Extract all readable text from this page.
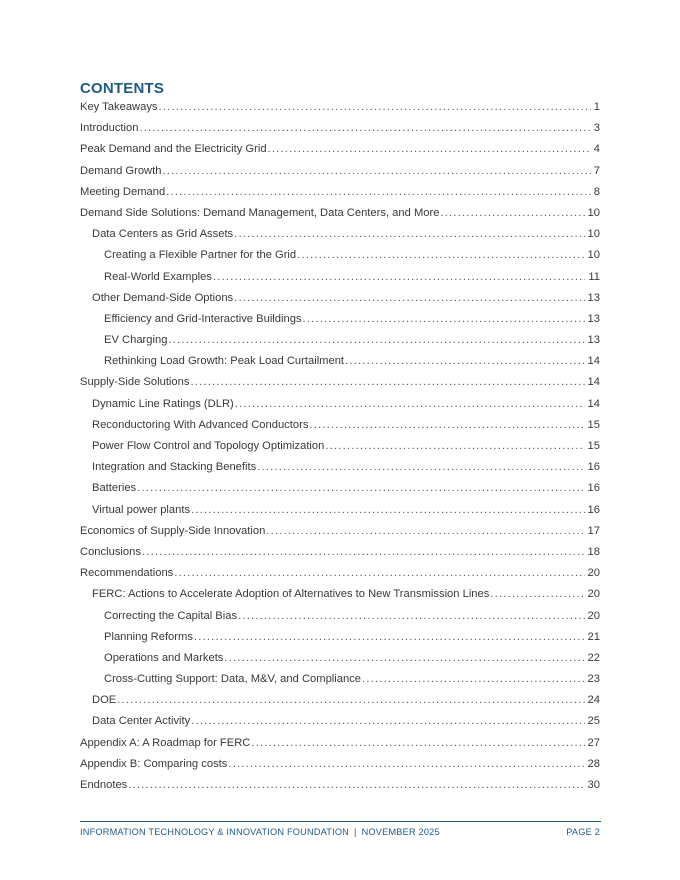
CONTENTS
Key Takeaways .....	1
Introduction .....	3
Peak Demand and the Electricity Grid .....	4
Demand Growth .....	7
Meeting Demand .....	8
Demand Side Solutions: Demand Management, Data Centers, and More .....	10
Data Centers as Grid Assets .....	10
Creating a Flexible Partner for the Grid .....	10
Real-World Examples .....	11
Other Demand-Side Options .....	13
Efficiency and Grid-Interactive Buildings .....	13
EV Charging .....	13
Rethinking Load Growth: Peak Load Curtailment .....	14
Supply-Side Solutions .....	14
Dynamic Line Ratings (DLR) .....	14
Reconductoring With Advanced Conductors .....	15
Power Flow Control and Topology Optimization .....	15
Integration and Stacking Benefits .....	16
Batteries .....	16
Virtual power plants .....	16
Economics of Supply-Side Innovation .....	17
Conclusions .....	18
Recommendations .....	20
FERC: Actions to Accelerate Adoption of Alternatives to New Transmission Lines .....	20
Correcting the Capital Bias .....	20
Planning Reforms .....	21
Operations and Markets .....	22
Cross-Cutting Support: Data, M&V, and Compliance .....	23
DOE .....	24
Data Center Activity .....	25
Appendix A: A Roadmap for FERC .....	27
Appendix B: Comparing costs .....	28
Endnotes .....	30
INFORMATION TECHNOLOGY & INNOVATION FOUNDATION | NOVEMBER 2025	PAGE 2
